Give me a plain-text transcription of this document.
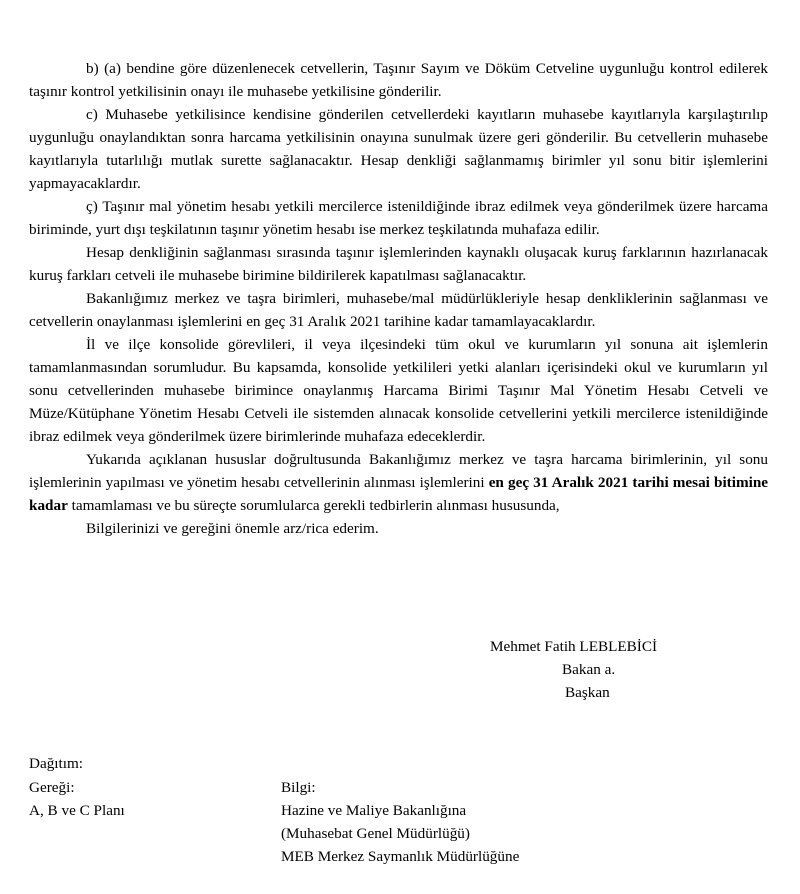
b) (a) bendine göre düzenlenecek cetvellerin, Taşınır Sayım ve Döküm Cetveline uygunluğu kontrol edilerek taşınır kontrol yetkilisinin onayı ile muhasebe yetkilisine gönderilir.

c) Muhasebe yetkilisince kendisine gönderilen cetvellerdeki kayıtların muhasebe kayıtlarıyla karşılaştırılıp uygunluğu onaylandıktan sonra harcama yetkilisinin onayına sunulmak üzere geri gönderilir. Bu cetvellerin muhasebe kayıtlarıyla tutarlılığı mutlak surette sağlanacaktır. Hesap denkliği sağlanmamış birimler yıl sonu bitir işlemlerini yapmayacaklardır.

ç) Taşınır mal yönetim hesabı yetkili mercilerce istenildiğinde ibraz edilmek veya gönderilmek üzere harcama biriminde, yurt dışı teşkilatının taşınır yönetim hesabı ise merkez teşkilatında muhafaza edilir.

Hesap denkliğinin sağlanması sırasında taşınır işlemlerinden kaynaklı oluşacak kuruş farklarının hazırlanacak kuruş farkları cetveli ile muhasebe birimine bildirilerek kapatılması sağlanacaktır.

Bakanlığımız merkez ve taşra birimleri, muhasebe/mal müdürlükleriyle hesap denkliklerinin sağlanması ve cetvellerin onaylanması işlemlerini en geç 31 Aralık 2021 tarihine kadar tamamlayacaklardır.

İl ve ilçe konsolide görevlileri, il veya ilçesindeki tüm okul ve kurumların yıl sonuna ait işlemlerin tamamlanmasından sorumludur. Bu kapsamda, konsolide yetkilileri yetki alanları içerisindeki okul ve kurumların yıl sonu cetvellerinden muhasebe birimince onaylanmış Harcama Birimi Taşınır Mal Yönetim Hesabı Cetveli ve Müze/Kütüphane Yönetim Hesabı Cetveli ile sistemden alınacak konsolide cetvellerini yetkili mercilerce istenildiğinde ibraz edilmek veya gönderilmek üzere birimlerinde muhafaza edeceklerdir.

Yukarıda açıklanan hususlar doğrultusunda Bakanlığımız merkez ve taşra harcama birimlerinin, yıl sonu işlemlerinin yapılması ve yönetim hesabı cetvellerinin alınması işlemlerini en geç 31 Aralık 2021 tarihi mesai bitimine kadar tamamlaması ve bu süreçte sorumlularca gerekli tedbirlerin alınması hususunda,

Bilgilerinizi ve gereğini önemle arz/rica ederim.

Mehmet Fatih LEBLEBİCİ
Bakan a.
Başkan
Dağıtım:
Gereği:
A, B ve C Planı
Bilgi:
Hazine ve Maliye Bakanlığına
(Muhasebat Genel Müdürlüğü)
MEB Merkez Saymanlık Müdürlüğüne
